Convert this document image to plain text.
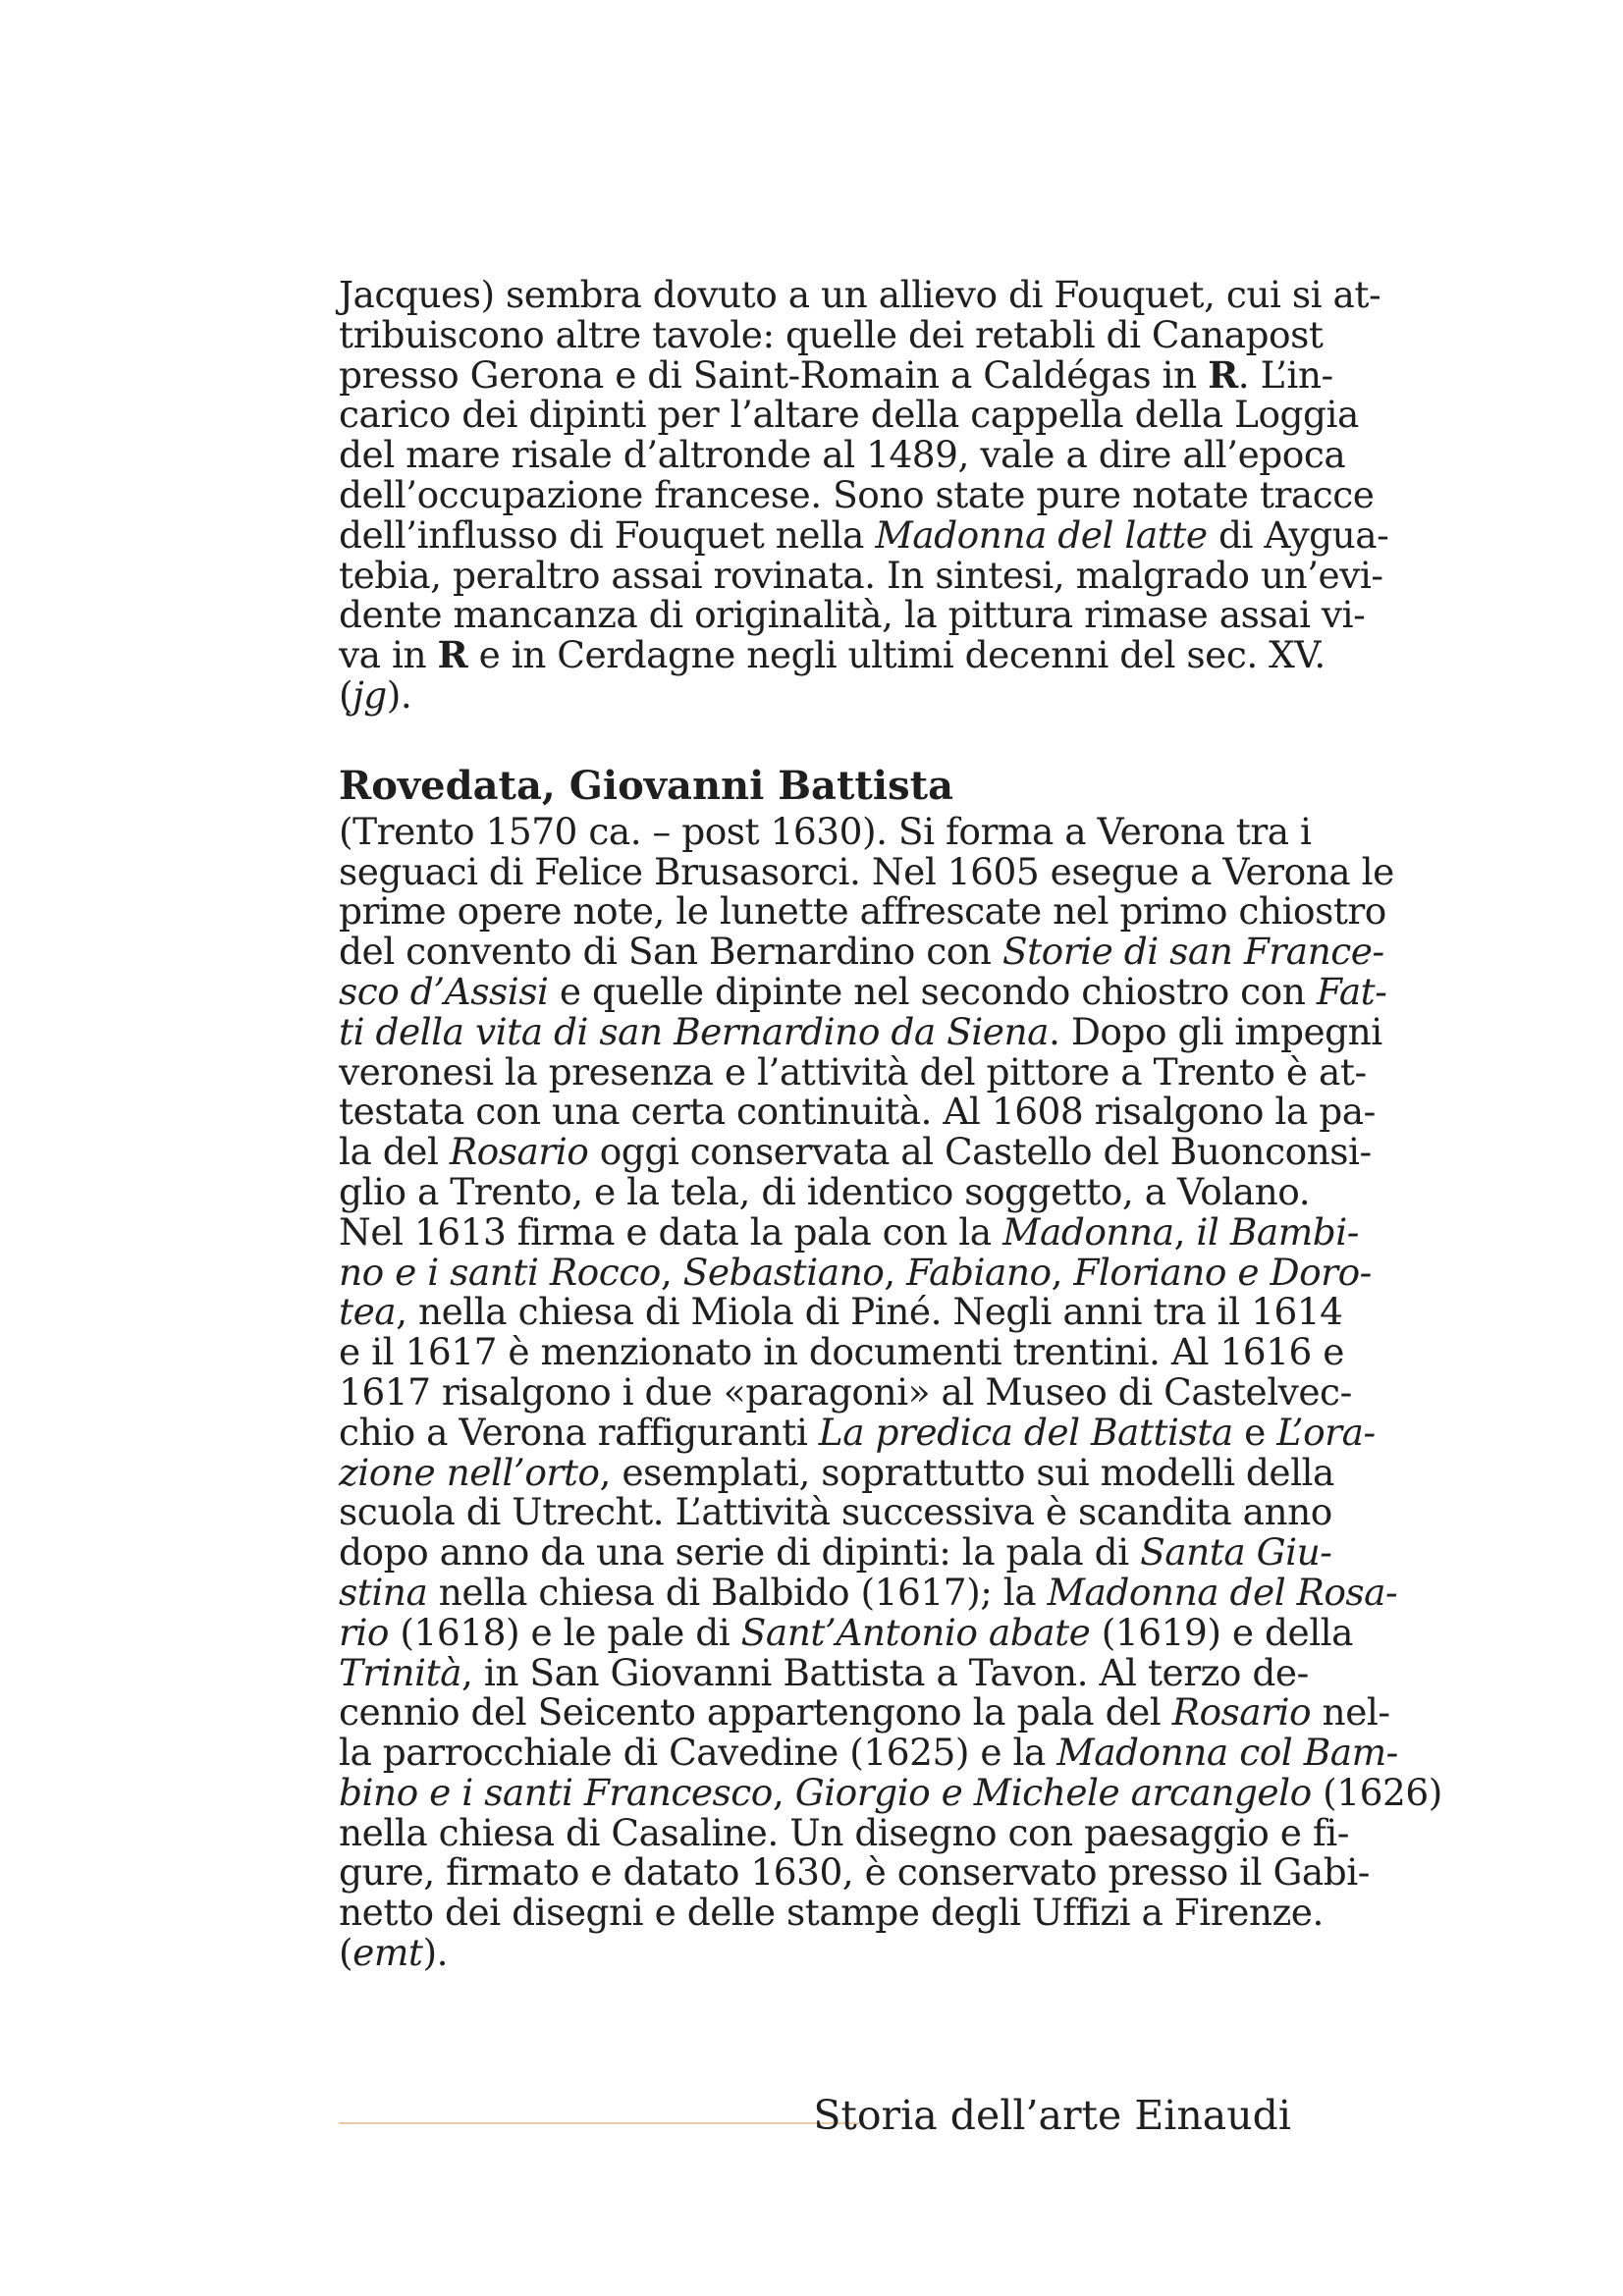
Jacques) sembra dovuto a un allievo di Fouquet, cui si at-
tribuiscono altre tavole: quelle dei retabli di Canapost
presso Gerona e di Saint-Romain a Caldégas in R. L’in-
carico dei dipinti per l’altare della cappella della Loggia
del mare risale d’altronde al 1489, vale a dire all’epoca
dell’occupazione francese. Sono state pure notate tracce
dell’influsso di Fouquet nella Madonna del latte di Ayguа-
tebia, peraltro assai rovinata. In sintesi, malgrado un’evi-
dente mancanza di originalità, la pittura rimase assai vi-
va in R e in Cerdagne negli ultimi decenni del sec. XV.
(jg).
Rovedata, Giovanni Battista
(Trento 1570 ca. – post 1630). Si forma a Verona tra i
seguaci di Felice Brusasorci. Nel 1605 esegue a Verona le
prime opere note, le lunette affrescate nel primo chiostro
del convento di San Bernardino con Storie di san France-
sco d’Assisi e quelle dipinte nel secondo chiostro con Fat-
ti della vita di san Bernardino da Siena. Dopo gli impegni
veronesi la presenza e l’attività del pittore a Trento è at-
testata con una certa continuità. Al 1608 risalgono la pa-
la del Rosario oggi conservata al Castello del Buonconsi-
glio a Trento, e la tela, di identico soggetto, a Volano.
Nel 1613 firma e data la pala con la Madonna, il Bambi-
no e i santi Rocco, Sebastiano, Fabiano, Floriano e Doro-
tea, nella chiesa di Miola di Piné. Negli anni tra il 1614
e il 1617 è menzionato in documenti trentini. Al 1616 e
1617 risalgono i due «paragoni» al Museo di Castelvec-
chio a Verona raffiguranti La predica del Battista e L’ora-
zione nell’orto, esemplati, soprattutto sui modelli della
scuola di Utrecht. L’attività successiva è scandita anno
dopo anno da una serie di dipinti: la pala di Santa Giu-
stina nella chiesa di Balbido (1617); la Madonna del Rosa-
rio (1618) e le pale di Sant’Antonio abate (1619) e della
Trinità, in San Giovanni Battista a Tavon. Al terzo de-
cennio del Seicento appartengono la pala del Rosario nel-
la parrocchiale di Cavedine (1625) e la Madonna col Bam-
bino e i santi Francesco, Giorgio e Michele arcangelo (1626)
nella chiesa di Casaline. Un disegno con paesaggio e fi-
gure, firmato e datato 1630, è conservato presso il Gabi-
netto dei disegni e delle stampe degli Uffizi a Firenze.
(emt).
Storia dell’arte Einaudi
